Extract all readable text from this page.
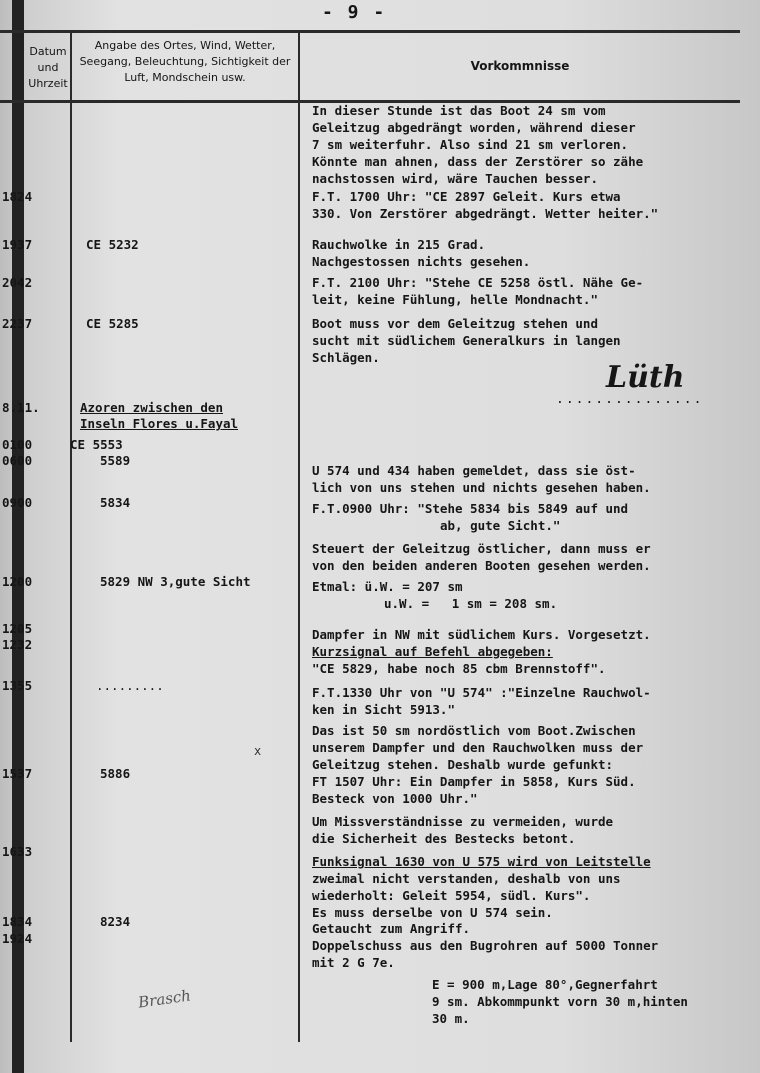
- 9 -
Datum und Uhrzeit
Angabe des Ortes, Wind, Wetter, Seegang, Beleuchtung, Sichtigkeit der Luft, Mondschein usw.
Vorkommnisse
1824
1937
2042
2237
8.11.
0100
0600
0900
1200
1205
1232
1355
1537
1633
1834
1924
CE 5232
CE 5285
Azoren zwischen den
Inseln Flores u.Fayal
CE 5553
5589
5834
5829 NW 3,gute Sicht
.........
5886
8234
In dieser Stunde ist das Boot 24 sm vom
Geleitzug abgedrängt worden, während dieser
7 sm weiterfuhr. Also sind 21 sm verloren.
Könnte man ahnen, dass der Zerstörer so zähe
nachstossen wird, wäre Tauchen besser.
F.T. 1700 Uhr: "CE 2897 Geleit. Kurs etwa
330. Von Zerstörer abgedrängt. Wetter heiter."
Rauchwolke in 215 Grad.
Nachgestossen nichts gesehen.
F.T. 2100 Uhr: "Stehe CE 5258 östl. Nähe Ge-
leit, keine Fühlung, helle Mondnacht."
Boot muss vor dem Geleitzug stehen und
sucht mit südlichem Generalkurs in langen
Schlägen.
Lüth
...............
U 574 und 434 haben gemeldet, dass sie öst-
lich von uns stehen und nichts gesehen haben.
F.T.0900 Uhr: "Stehe 5834 bis 5849 auf und
ab, gute Sicht."
Steuert der Geleitzug östlicher, dann muss er
von den beiden anderen Booten gesehen werden.
Etmal: ü.W. = 207 sm
u.W. =   1 sm = 208 sm.
Dampfer in NW mit südlichem Kurs. Vorgesetzt.
Kurzsignal auf Befehl abgegeben:
"CE 5829, habe noch 85 cbm Brennstoff".
F.T.1330 Uhr von "U 574" :"Einzelne Rauchwol-
ken in Sicht 5913."
Das ist 50 sm nordöstlich vom Boot.Zwischen
unserem Dampfer und den Rauchwolken muss der
Geleitzug stehen. Deshalb wurde gefunkt:
FT 1507 Uhr: Ein Dampfer in 5858, Kurs Süd.
Besteck von 1000 Uhr."
Um Missverständnisse zu vermeiden, wurde
die Sicherheit des Bestecks betont.
Funksignal 1630 von U 575 wird von Leitstelle
zweimal nicht verstanden, deshalb von uns
wiederholt: Geleit 5954, südl. Kurs".
Es muss derselbe von U 574 sein.
Getaucht zum Angriff.
Doppelschuss aus den Bugrohren auf 5000 Tonner
mit 2 G 7e.
E = 900 m,Lage 80°,Gegnerfahrt
9 sm. Abkommpunkt vorn 30 m,hinten
30 m.
x
Brasch
